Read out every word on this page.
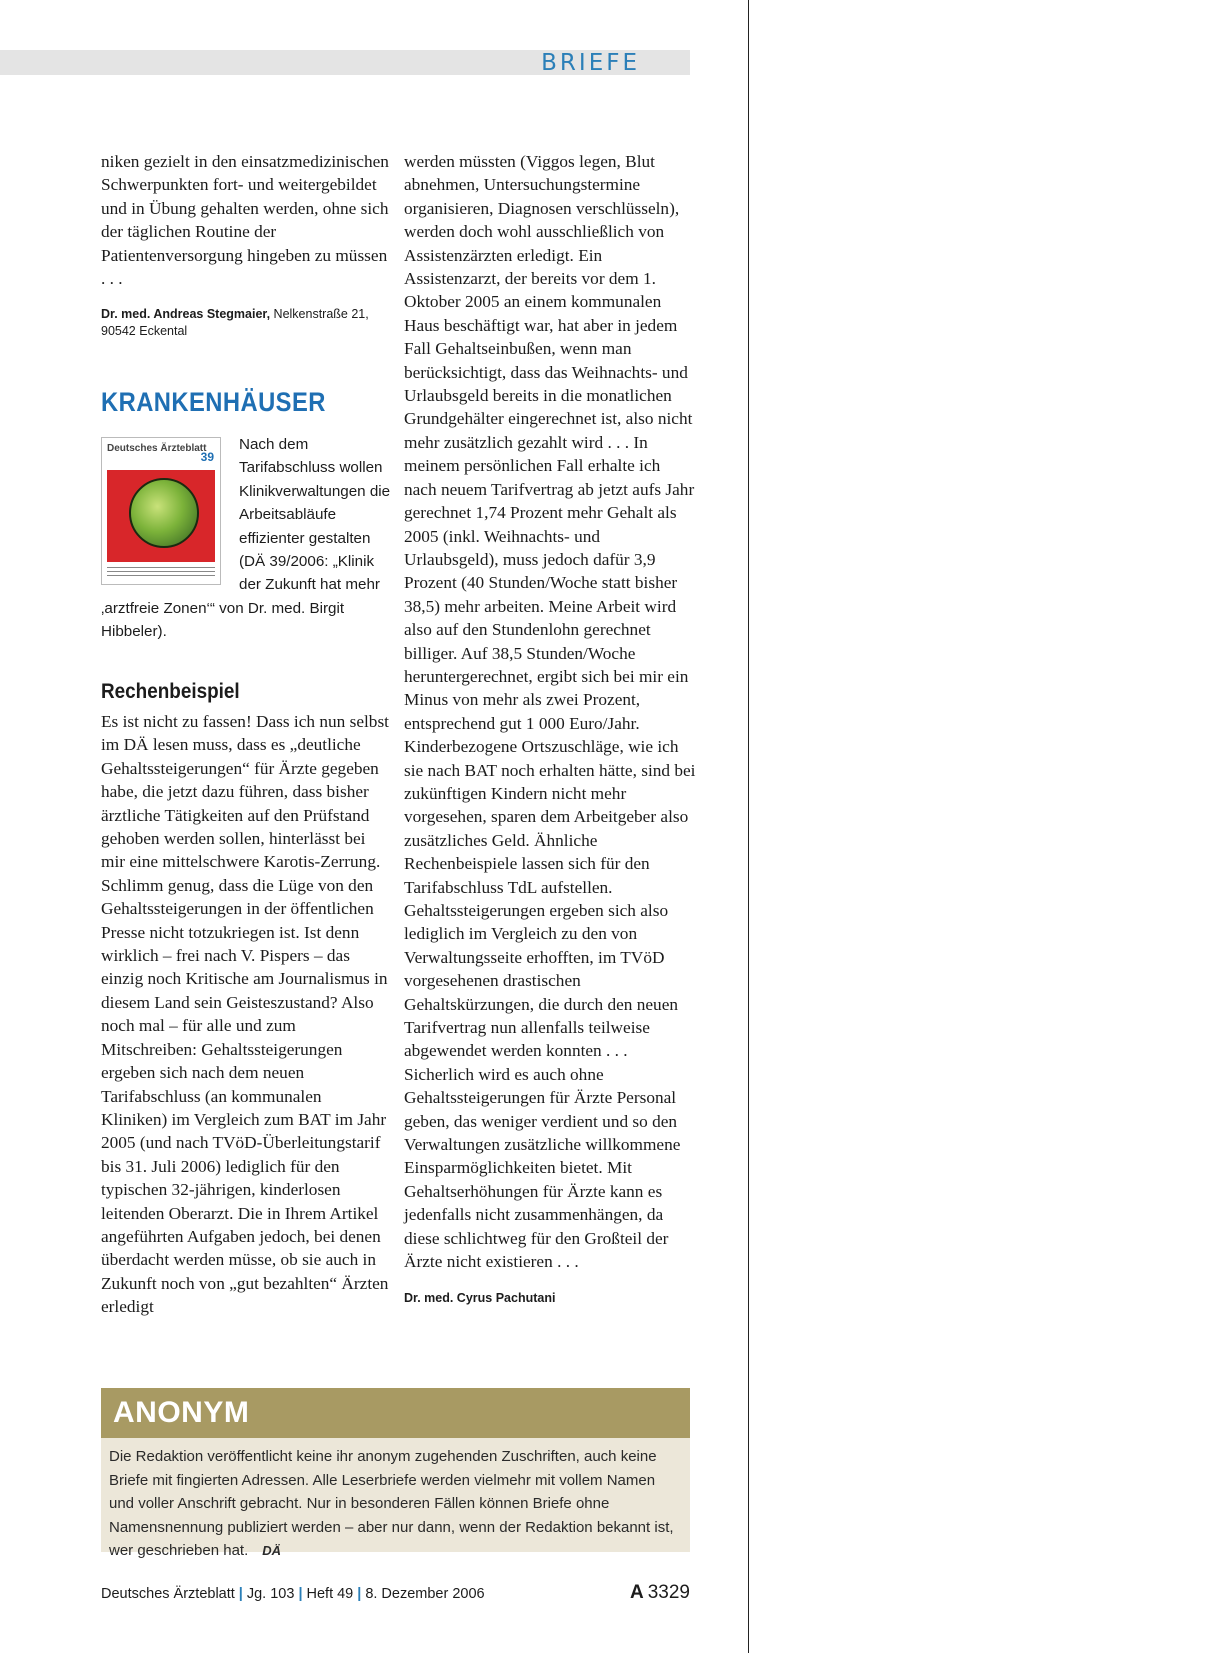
BRIEFE

niken gezielt in den einsatzmedizinischen Schwerpunkten fort- und weitergebildet und in Übung gehalten werden, ohne sich der täglichen Routine der Patientenversorgung hingeben zu müssen . . .

Dr. med. Andreas Stegmaier, Nelkenstraße 21, 90542 Eckental

KRANKENHÄUSER
Deutsches Ärzteblatt
39
Nach dem Tarifabschluss wollen Klinikverwaltungen die Arbeitsabläufe effizienter gestalten (DÄ 39/2006: „Klinik der Zukunft hat mehr ‚arztfreie Zonen‘“ von Dr. med. Birgit Hibbeler).
Rechenbeispiel

Es ist nicht zu fassen! Dass ich nun selbst im DÄ lesen muss, dass es „deutliche Gehaltssteigerungen“ für Ärzte gegeben habe, die jetzt dazu führen, dass bisher ärztliche Tätigkeiten auf den Prüfstand gehoben werden sollen, hinterlässt bei mir eine mittelschwere Karotis-Zerrung. Schlimm genug, dass die Lüge von den Gehaltssteigerungen in der öffentlichen Presse nicht totzukriegen ist. Ist denn wirklich – frei nach V. Pispers – das einzig noch Kritische am Journalismus in diesem Land sein Geisteszustand? Also noch mal – für alle und zum Mitschreiben: Gehaltssteigerungen ergeben sich nach dem neuen Tarifabschluss (an kommunalen Kliniken) im Vergleich zum BAT im Jahr 2005 (und nach TVöD-Überleitungstarif bis 31. Juli 2006) lediglich für den typischen 32-jährigen, kinderlosen leitenden Oberarzt. Die in Ihrem Artikel angeführten Aufgaben jedoch, bei denen überdacht werden müsse, ob sie auch in Zukunft noch von „gut bezahlten“ Ärzten erledigt

werden müssten (Viggos legen, Blut abnehmen, Untersuchungstermine organisieren, Diagnosen verschlüsseln), werden doch wohl ausschließlich von Assistenzärzten erledigt. Ein Assistenzarzt, der bereits vor dem 1. Oktober 2005 an einem kommunalen Haus beschäftigt war, hat aber in jedem Fall Gehaltseinbußen, wenn man berücksichtigt, dass das Weihnachts- und Urlaubsgeld bereits in die monatlichen Grundgehälter eingerechnet ist, also nicht mehr zusätzlich gezahlt wird . . . In meinem persönlichen Fall erhalte ich nach neuem Tarifvertrag ab jetzt aufs Jahr gerechnet 1,74 Prozent mehr Gehalt als 2005 (inkl. Weihnachts- und Urlaubsgeld), muss jedoch dafür 3,9 Prozent (40 Stunden/Woche statt bisher 38,5) mehr arbeiten. Meine Arbeit wird also auf den Stundenlohn gerechnet billiger. Auf 38,5 Stunden/Woche heruntergerechnet, ergibt sich bei mir ein Minus von mehr als zwei Prozent, entsprechend gut 1 000 Euro/Jahr. Kinderbezogene Ortszuschläge, wie ich sie nach BAT noch erhalten hätte, sind bei zukünftigen Kindern nicht mehr vorgesehen, sparen dem Arbeitgeber also zusätzliches Geld. Ähnliche Rechenbeispiele lassen sich für den Tarifabschluss TdL aufstellen. Gehaltssteigerungen ergeben sich also lediglich im Vergleich zu den von Verwaltungsseite erhofften, im TVöD vorgesehenen drastischen Gehaltskürzungen, die durch den neuen Tarifvertrag nun allenfalls teilweise abgewendet werden konnten . . . Sicherlich wird es auch ohne Gehaltssteigerungen für Ärzte Personal geben, das weniger verdient und so den Verwaltungen zusätzliche willkommene Einsparmöglichkeiten bietet. Mit Gehaltserhöhungen für Ärzte kann es jedenfalls nicht zusammenhängen, da diese schlichtweg für den Großteil der Ärzte nicht existieren . . .

Dr. med. Cyrus Pachutani

ANONYM

Die Redaktion veröffentlicht keine ihr anonym zugehenden Zuschriften, auch keine Briefe mit fingierten Adressen. Alle Leserbriefe werden vielmehr mit vollem Namen und voller Anschrift gebracht. Nur in besonderen Fällen können Briefe ohne Namensnennung publiziert werden – aber nur dann, wenn der Redaktion bekannt ist, wer geschrieben hat. DÄ

Deutsches Ärzteblatt | Jg. 103 | Heft 49 | 8. Dezember 2006	A 3329
